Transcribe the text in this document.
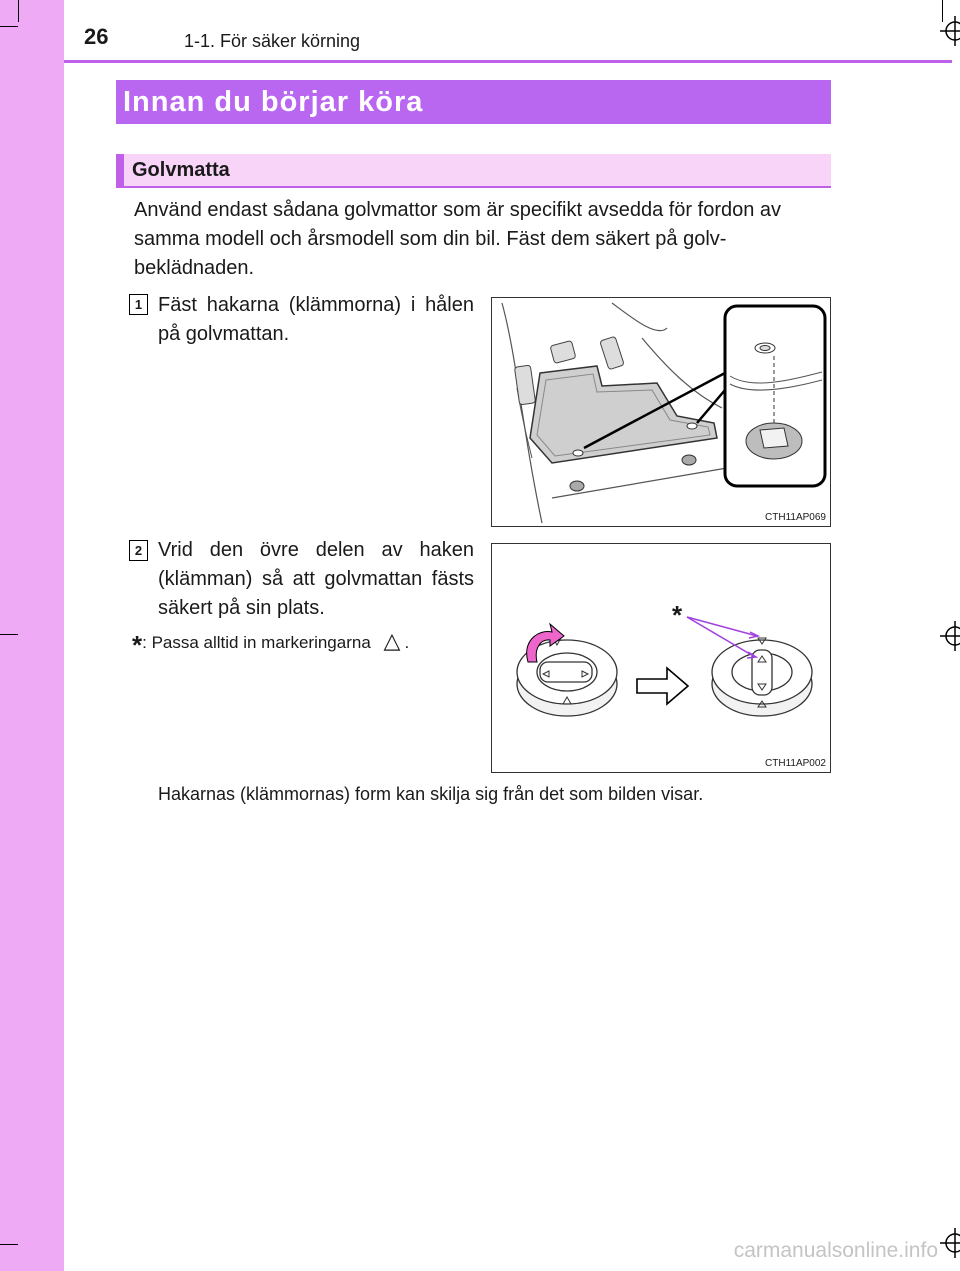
26	1-1. För säker körning
Innan du börjar köra
Golvmatta
Använd endast sådana golvmattor som är specifikt avsedda för fordon av samma modell och årsmodell som din bil. Fäst dem säkert på golv-beklädnaden.
1 Fäst hakarna (klämmorna) i hålen på golvmattan.
CTH11AP069
2 Vrid den övre delen av haken (klämman) så att golvmattan fästs säkert på sin plats.	*
CTH11AP002
*: Passa alltid in markeringarna △ .
Hakarnas (klämmornas) form kan skilja sig från det som bilden visar.
carmanualsonline.info
